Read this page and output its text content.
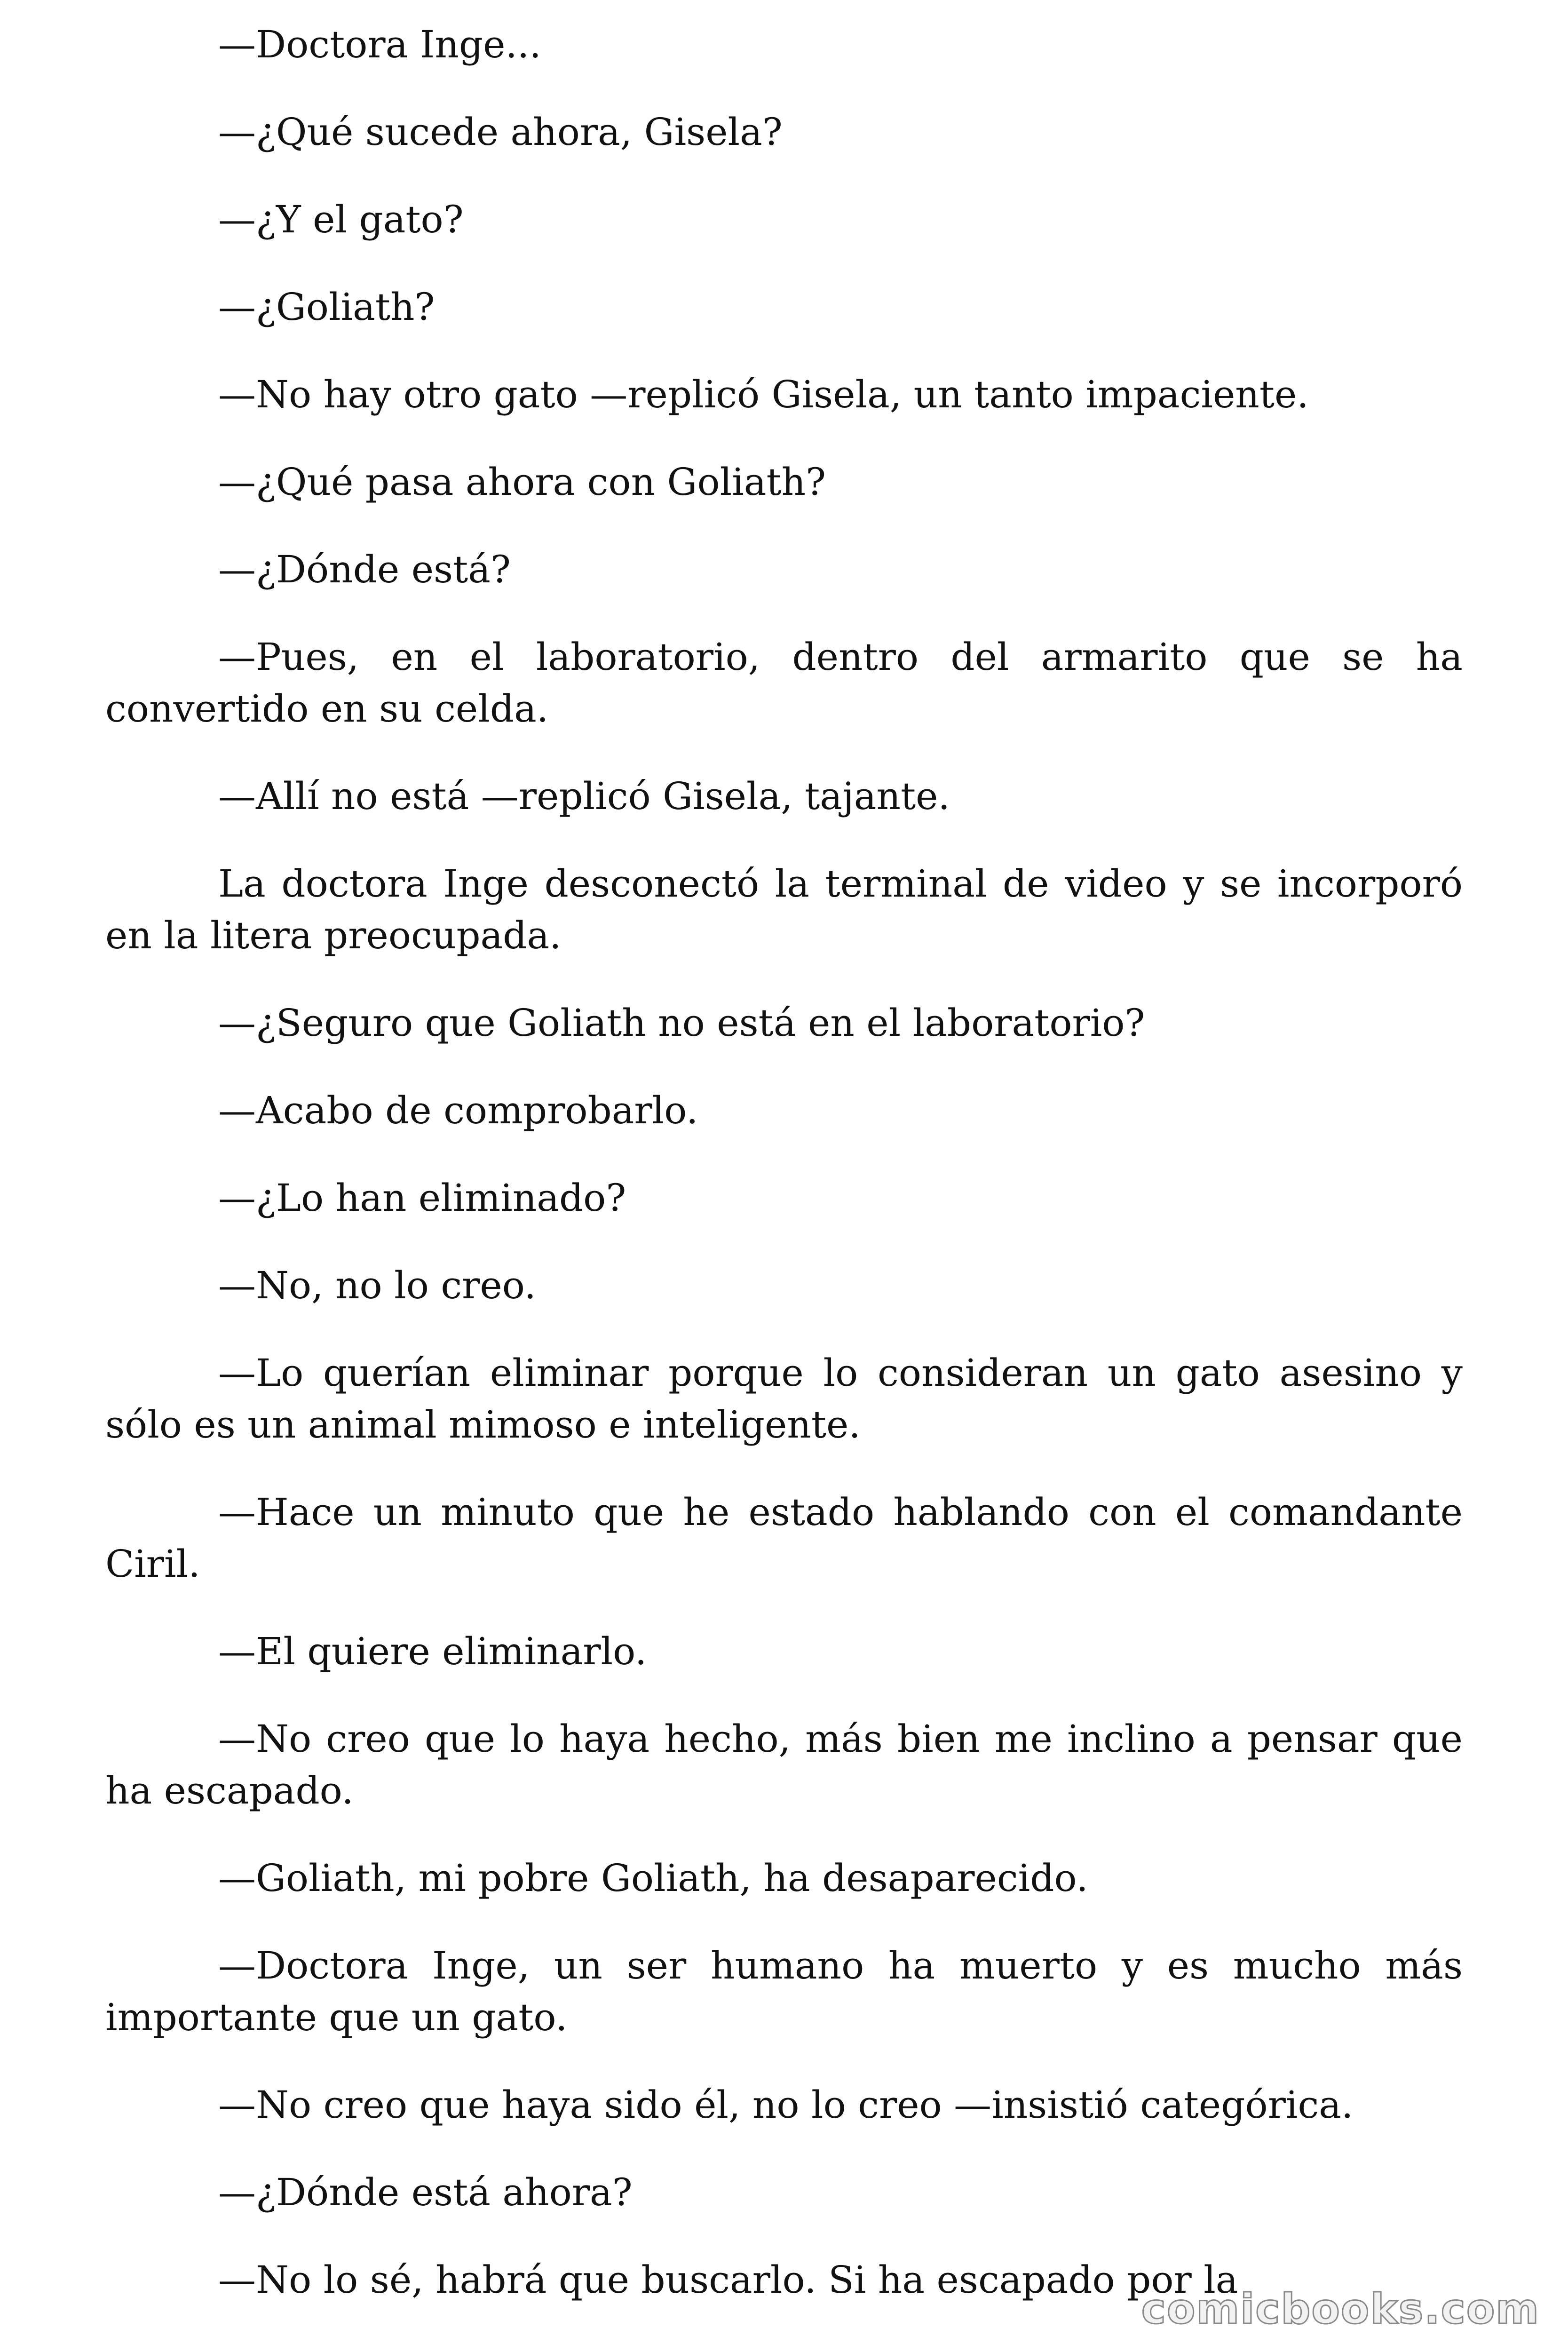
—Doctora Inge...

—¿Qué sucede ahora, Gisela?

—¿Y el gato?

—¿Goliath?

—No hay otro gato —replicó Gisela, un tanto impaciente.

—¿Qué pasa ahora con Goliath?

—¿Dónde está?

—Pues, en el laboratorio, dentro del armarito que se ha convertido en su celda.

—Allí no está —replicó Gisela, tajante.

La doctora Inge desconectó la terminal de video y se incorporó en la litera preocupada.

—¿Seguro que Goliath no está en el laboratorio?

—Acabo de comprobarlo.

—¿Lo han eliminado?

—No, no lo creo.

—Lo querían eliminar porque lo consideran un gato asesino y sólo es un animal mimoso e inteligente.

—Hace un minuto que he estado hablando con el comandante Ciril.

—El quiere eliminarlo.

—No creo que lo haya hecho, más bien me inclino a pensar que ha escapado.

—Goliath, mi pobre Goliath, ha desaparecido.

—Doctora Inge, un ser humano ha muerto y es mucho más importante que un gato.

—No creo que haya sido él, no lo creo —insistió categórica.

—¿Dónde está ahora?

—No lo sé, habrá que buscarlo. Si ha escapado por la

comicbooks.com
